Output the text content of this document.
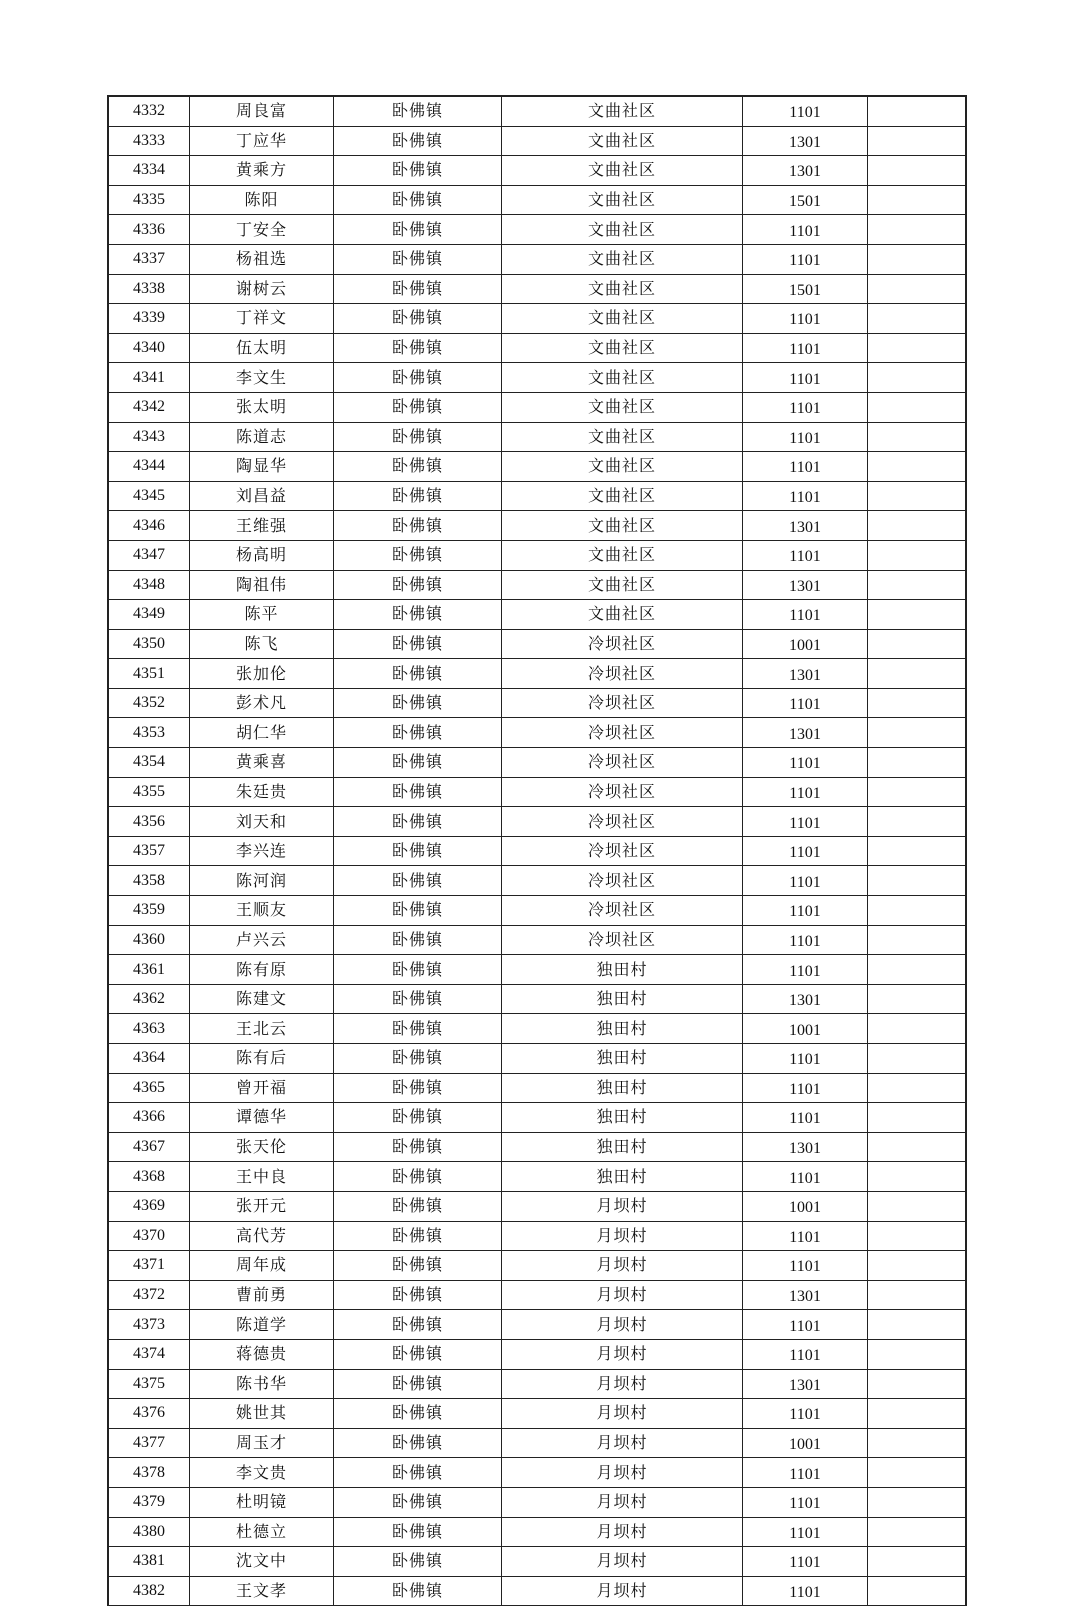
4332	周良富	卧佛镇	文曲社区	1101	
4333	丁应华	卧佛镇	文曲社区	1301	
4334	黄乘方	卧佛镇	文曲社区	1301	
4335	陈阳	卧佛镇	文曲社区	1501	
4336	丁安全	卧佛镇	文曲社区	1101	
4337	杨祖选	卧佛镇	文曲社区	1101	
4338	谢树云	卧佛镇	文曲社区	1501	
4339	丁祥文	卧佛镇	文曲社区	1101	
4340	伍太明	卧佛镇	文曲社区	1101	
4341	李文生	卧佛镇	文曲社区	1101	
4342	张太明	卧佛镇	文曲社区	1101	
4343	陈道志	卧佛镇	文曲社区	1101	
4344	陶显华	卧佛镇	文曲社区	1101	
4345	刘昌益	卧佛镇	文曲社区	1101	
4346	王维强	卧佛镇	文曲社区	1301	
4347	杨高明	卧佛镇	文曲社区	1101	
4348	陶祖伟	卧佛镇	文曲社区	1301	
4349	陈平	卧佛镇	文曲社区	1101	
4350	陈飞	卧佛镇	冷坝社区	1001	
4351	张加伦	卧佛镇	冷坝社区	1301	
4352	彭术凡	卧佛镇	冷坝社区	1101	
4353	胡仁华	卧佛镇	冷坝社区	1301	
4354	黄乘喜	卧佛镇	冷坝社区	1101	
4355	朱廷贵	卧佛镇	冷坝社区	1101	
4356	刘天和	卧佛镇	冷坝社区	1101	
4357	李兴连	卧佛镇	冷坝社区	1101	
4358	陈河润	卧佛镇	冷坝社区	1101	
4359	王顺友	卧佛镇	冷坝社区	1101	
4360	卢兴云	卧佛镇	冷坝社区	1101	
4361	陈有原	卧佛镇	独田村	1101	
4362	陈建文	卧佛镇	独田村	1301	
4363	王北云	卧佛镇	独田村	1001	
4364	陈有后	卧佛镇	独田村	1101	
4365	曾开福	卧佛镇	独田村	1101	
4366	谭德华	卧佛镇	独田村	1101	
4367	张天伦	卧佛镇	独田村	1301	
4368	王中良	卧佛镇	独田村	1101	
4369	张开元	卧佛镇	月坝村	1001	
4370	高代芳	卧佛镇	月坝村	1101	
4371	周年成	卧佛镇	月坝村	1101	
4372	曹前勇	卧佛镇	月坝村	1301	
4373	陈道学	卧佛镇	月坝村	1101	
4374	蒋德贵	卧佛镇	月坝村	1101	
4375	陈书华	卧佛镇	月坝村	1301	
4376	姚世其	卧佛镇	月坝村	1101	
4377	周玉才	卧佛镇	月坝村	1001	
4378	李文贵	卧佛镇	月坝村	1101	
4379	杜明镜	卧佛镇	月坝村	1101	
4380	杜德立	卧佛镇	月坝村	1101	
4381	沈文中	卧佛镇	月坝村	1101	
4382	王文孝	卧佛镇	月坝村	1101	
